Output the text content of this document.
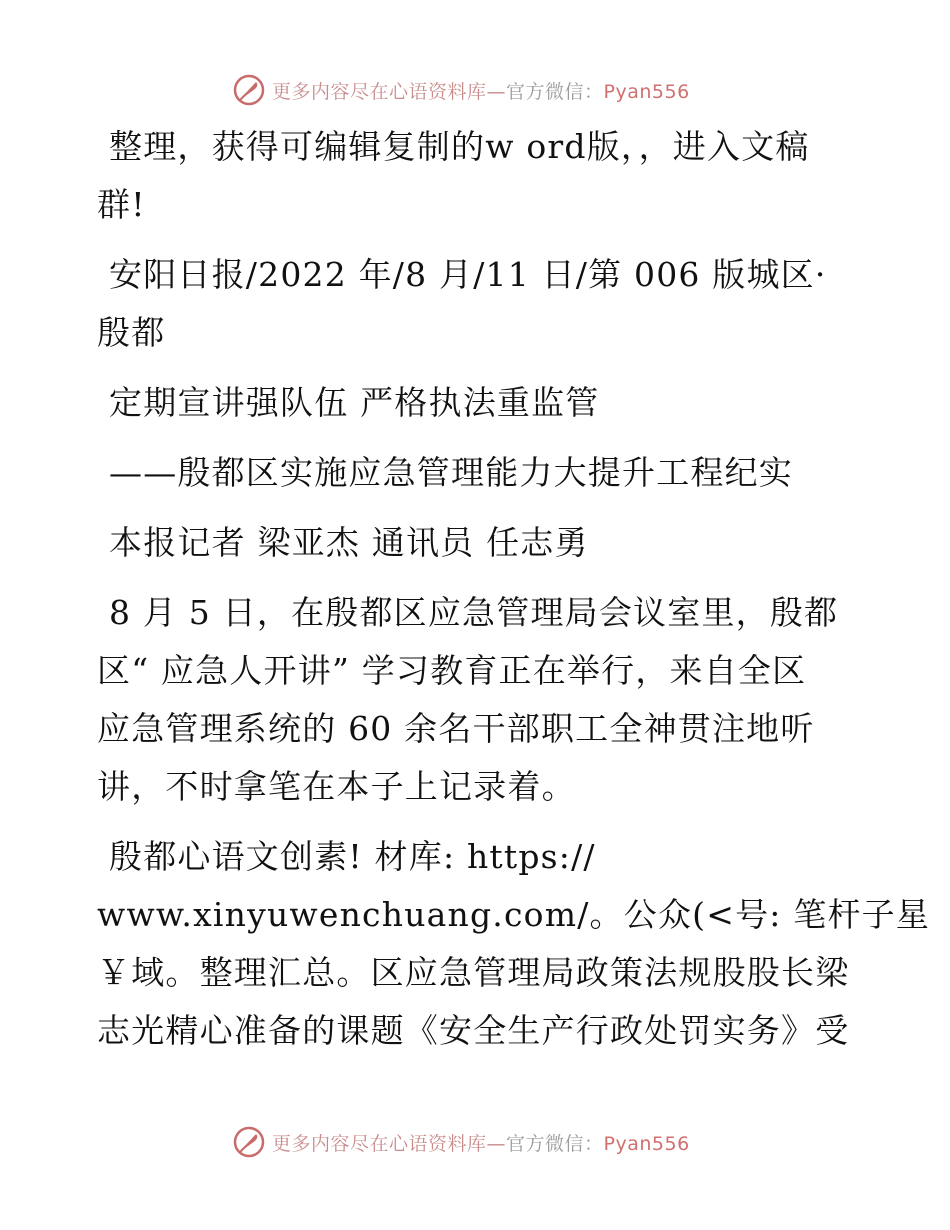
更多内容尽在心语资料库—官方微信：Pyan556

整理，获得可编辑复制的w ord版，，进入文稿
群!

安阳日报/2022 年/8 月/11 日/第 006 版城区·
殷都

定期宣讲强队伍 严格执法重监管

——殷都区实施应急管理能力大提升工程纪实

本报记者 梁亚杰 通讯员 任志勇

8 月 5 日，在殷都区应急管理局会议室里，殷都
区“ 应急人开讲” 学习教育正在举行，来自全区
应急管理系统的 60 余名干部职工全神贯注地听
讲，不时拿笔在本子上记录着。

殷都心语文创素! 材库: https://
www.xinyuwenchuang.com/。公众(<号: 笔杆子星
￥域。整理汇总。区应急管理局政策法规股股长梁
志光精心准备的课题《安全生产行政处罚实务》受

更多内容尽在心语资料库—官方微信：Pyan556
